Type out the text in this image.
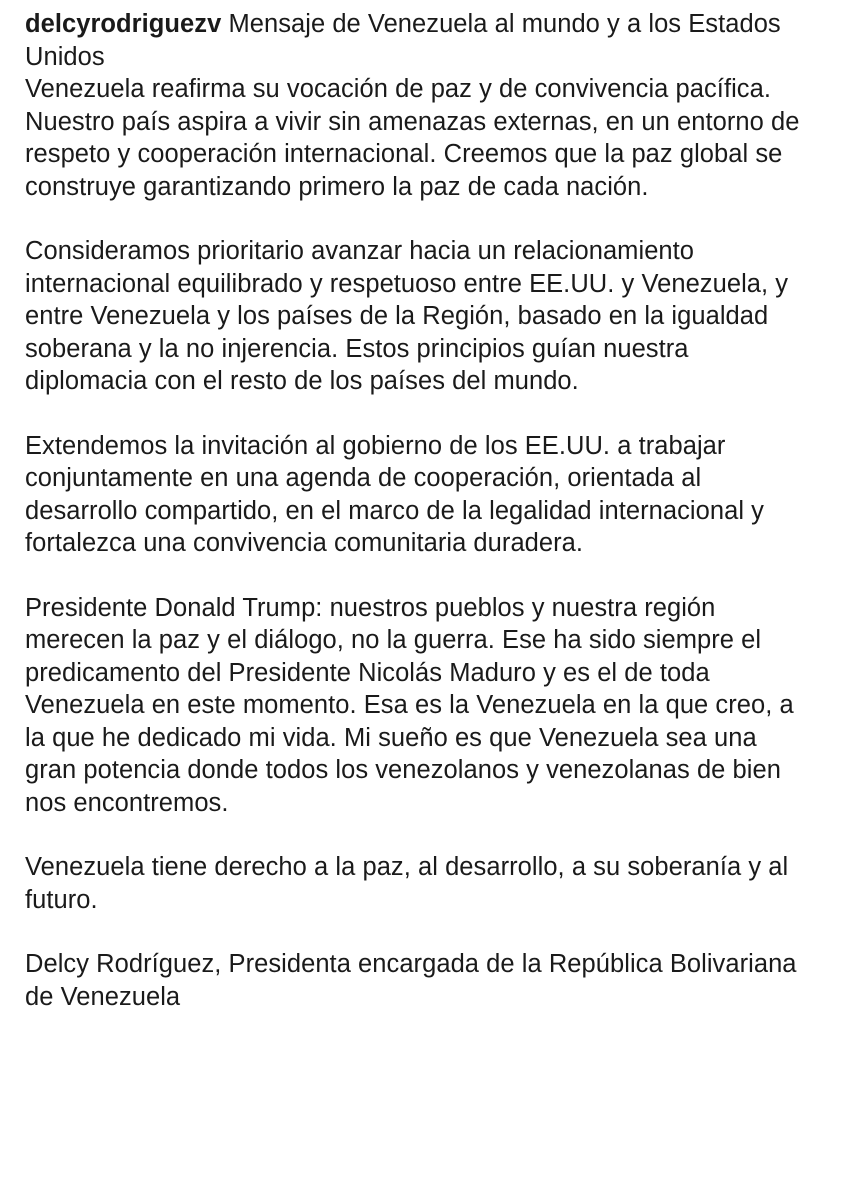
delcyrodriguezv Mensaje de Venezuela al mundo y a los Estados Unidos

Venezuela reafirma su vocación de paz y de convivencia pacífica. Nuestro país aspira a vivir sin amenazas externas, en un entorno de respeto y cooperación internacional. Creemos que la paz global se construye garantizando primero la paz de cada nación.

Consideramos prioritario avanzar hacia un relacionamiento internacional equilibrado y respetuoso entre EE.UU. y Venezuela, y entre Venezuela y los países de la Región, basado en la igualdad soberana y la no injerencia. Estos principios guían nuestra diplomacia con el resto de los países del mundo.

Extendemos la invitación al gobierno de los EE.UU. a trabajar conjuntamente en una agenda de cooperación, orientada al desarrollo compartido, en el marco de la legalidad internacional y fortalezca una convivencia comunitaria duradera.

Presidente Donald Trump: nuestros pueblos y nuestra región merecen la paz y el diálogo, no la guerra. Ese ha sido siempre el predicamento del Presidente Nicolás Maduro y es el de toda Venezuela en este momento. Esa es la Venezuela en la que creo, a la que he dedicado mi vida. Mi sueño es que Venezuela sea una gran potencia donde todos los venezolanos y venezolanas de bien nos encontremos.

Venezuela tiene derecho a la paz, al desarrollo, a su soberanía y al futuro.

Delcy Rodríguez, Presidenta encargada de la República Bolivariana de Venezuela
